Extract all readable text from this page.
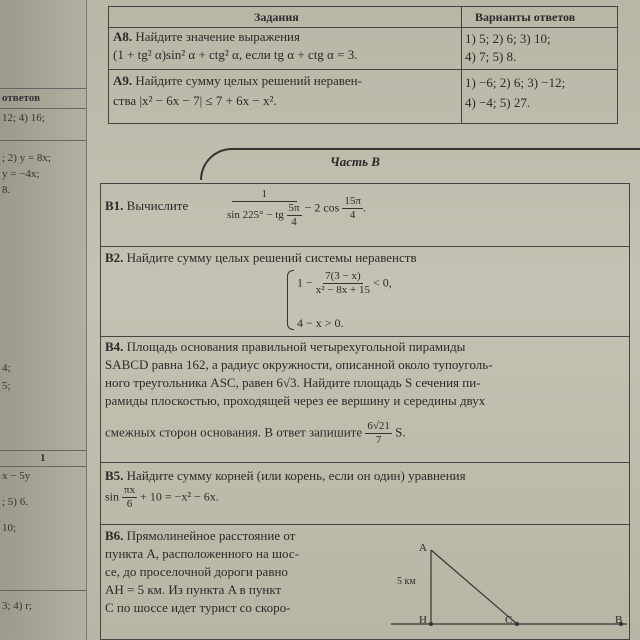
ответов
12; 4) 16;
; 2) y = 8x;
y = −4x;
8.
4;
5;
1
x − 5y
; 5) 6.
10;
3; 4) r;
Задания	Варианты ответов
А8. Найдите значение выражения
(1 + tg² α)sin² α + ctg² α, если tg α + ctg α = 3.
1) 5; 2) 6; 3) 10;
4) 7; 5) 8.
А9. Найдите сумму целых решений неравен-
ства |x² − 6x − 7| ≤ 7 + 6x − x².
1) −6; 2) 6; 3) −12;
4) −4; 5) 27.
Часть B
B1. Вычислите	$\frac{1}{\sin 225^\circ - tg \frac{5\pi}{4}} - 2$ $\cos \frac{15\pi}{4}$ .
B2. Найдите сумму целых решений системы неравенств
$1 - \frac{7(3 - x)}{\text{x² − 8x + 15}} < 0$,
4 − x > 0.
B4. Площадь основания правильной четырехугольной пирамиды
SABCD равна 162, а радиус окружности, описанной около тупоуголь-
ного треугольника ASC, равен 6√3. Найдите площадь S сечения пи-
рамиды плоскостью, проходящей через ее вершину и середины двух
смежных сторон основания. В ответ запишите $\frac{6√21}{7} S$.
B5. Найдите сумму корней (или корень, если он один) уравнения
$\sin \frac{\pi x}{6} + 10 = -x^2 - 6x$.
B6. Прямолинейное расстояние от
пункта A, расположенного на шос-
се, до проселочной дороги равно
AH = 5 км. Из пункта A в пункт
C по шоссе идет турист со скоро-
A
5 км
H	C	B
